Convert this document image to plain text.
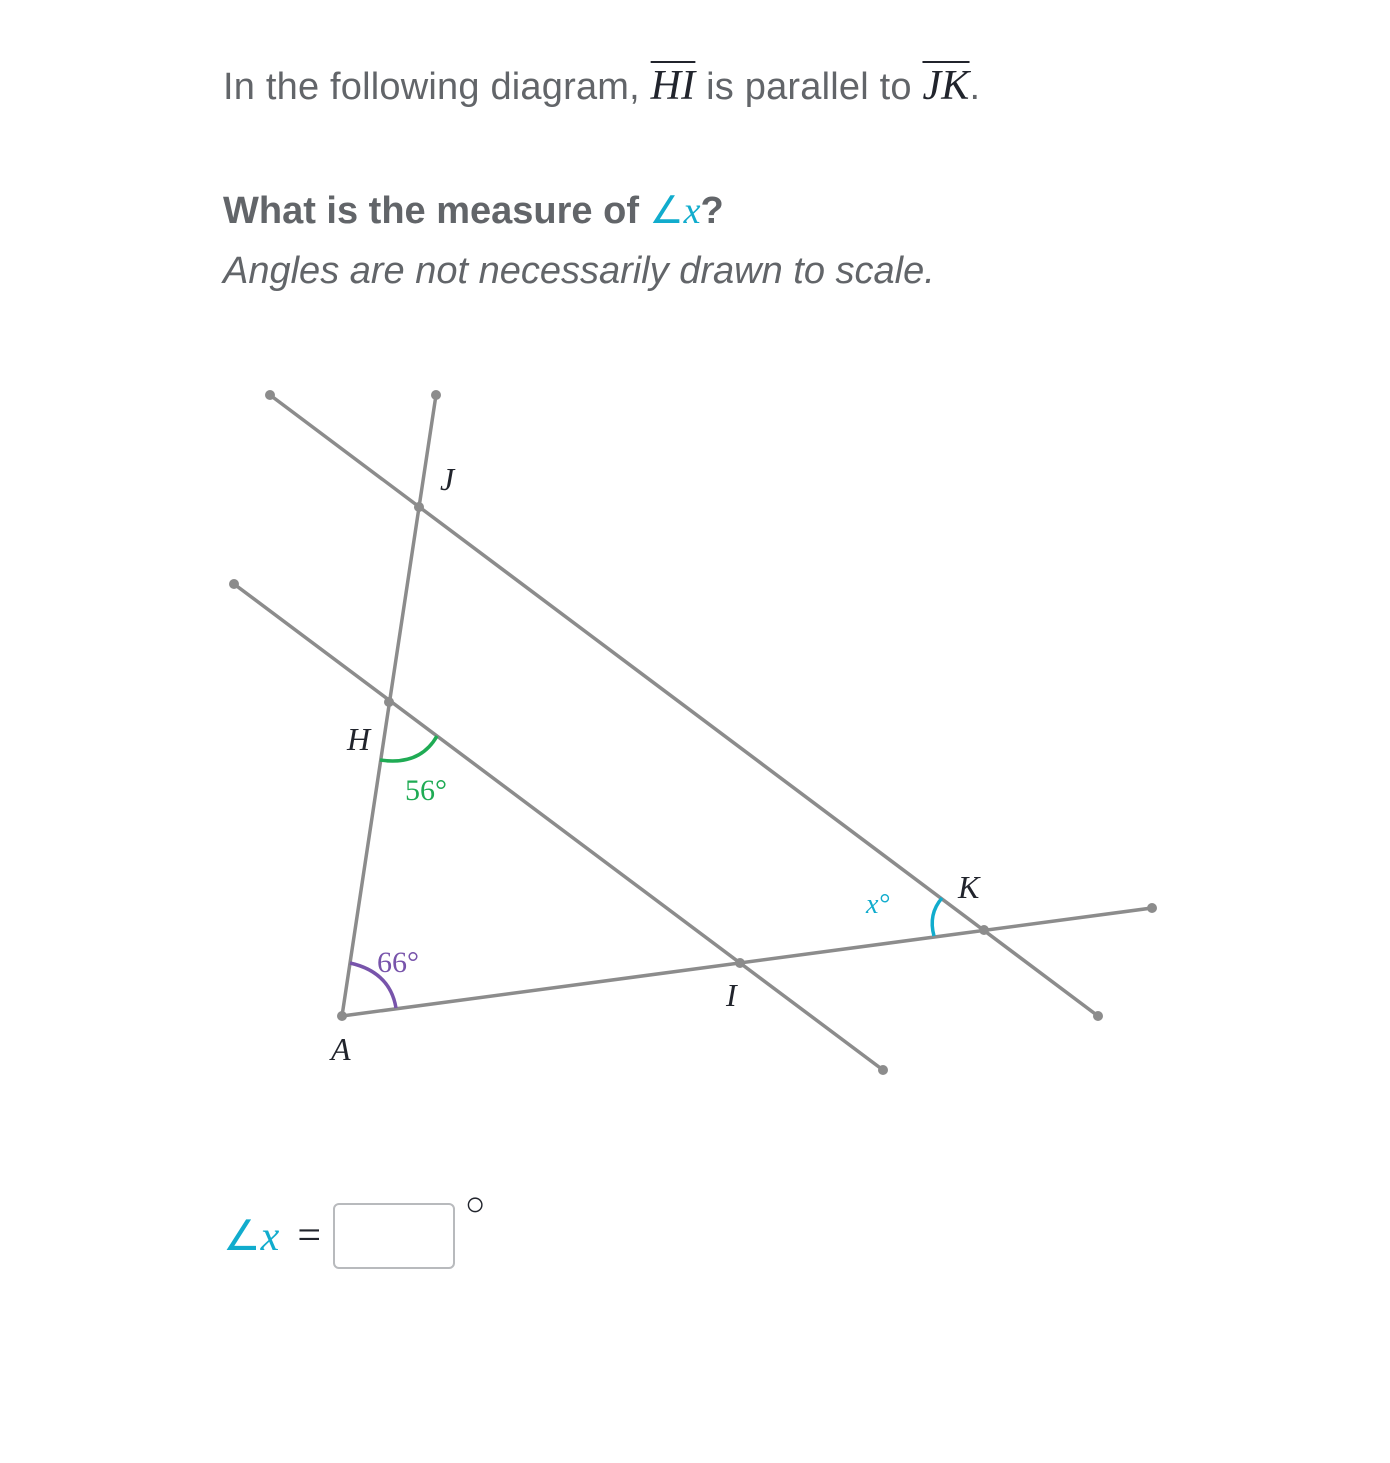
In the following diagram, $\overline{HI}$ is parallel to $\overline{JK}$.
What is the measure of ∠x?
Angles are not necessarily drawn to scale.
J
H
K
I
A
56°
66°
x°
∠x =
○
